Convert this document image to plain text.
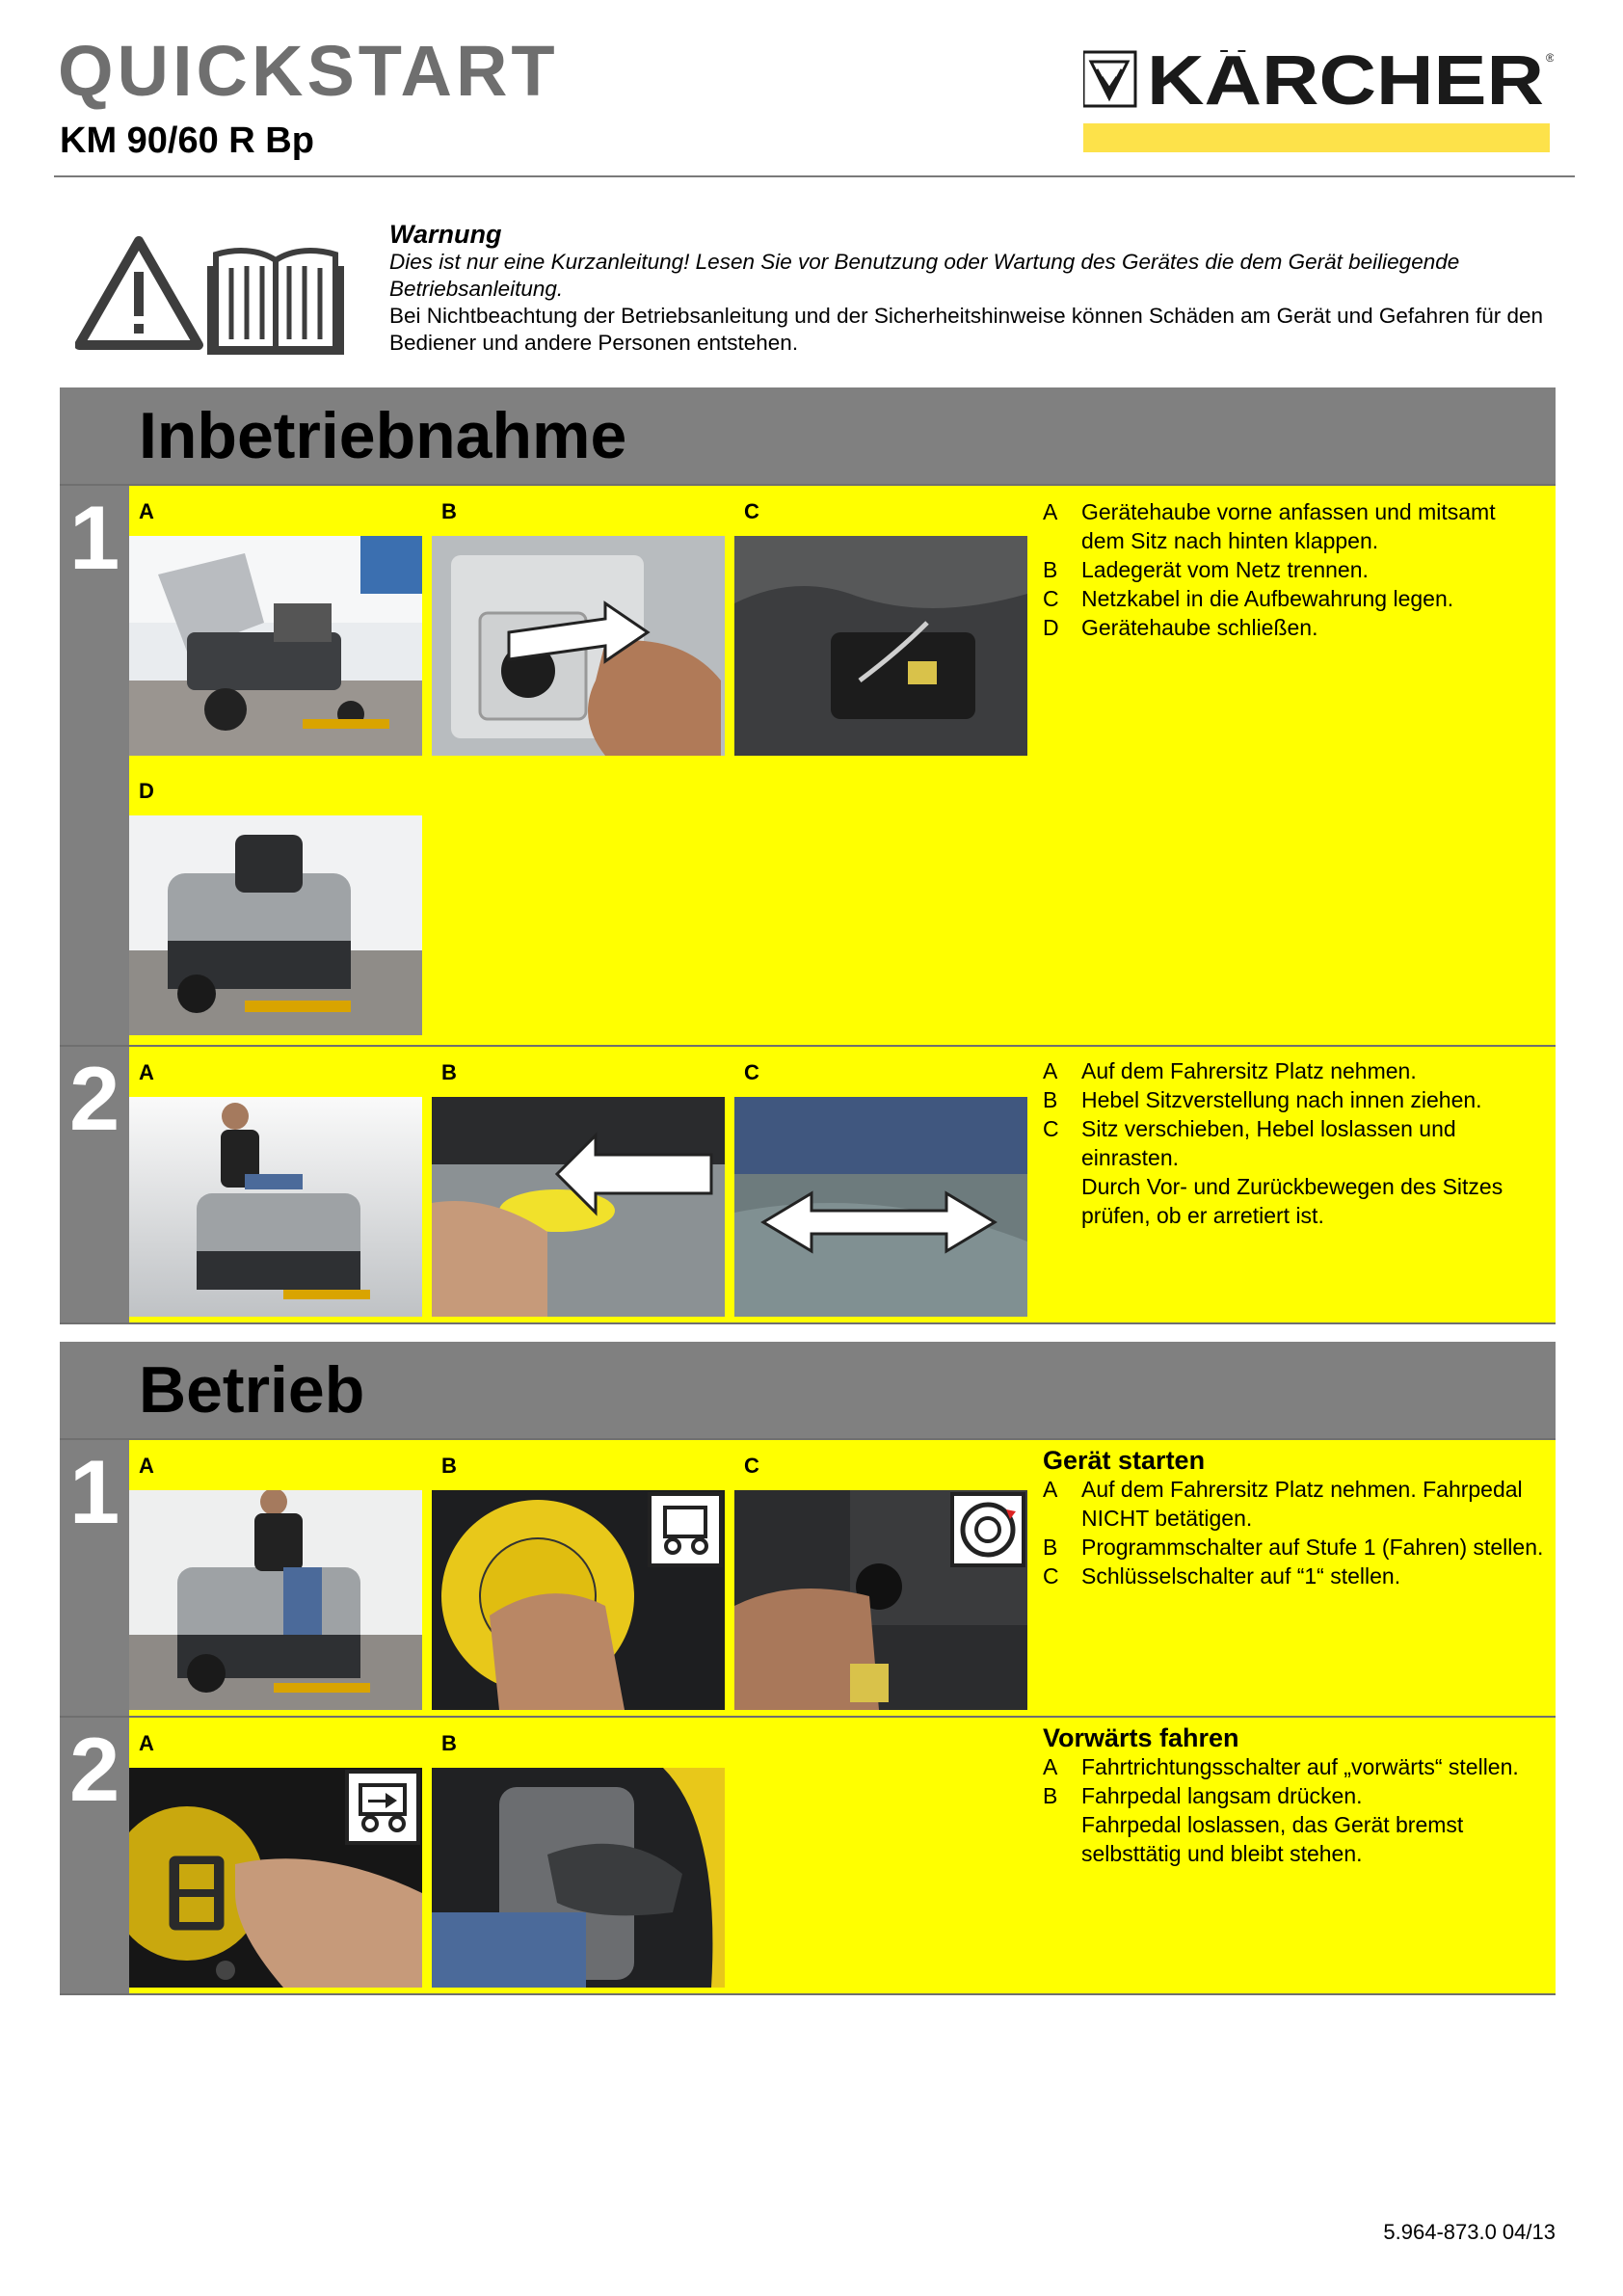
QUICKSTART
KM 90/60 R Bp
KÄRCHER ®
Warnung
Dies ist nur eine Kurzanleitung! Lesen Sie vor Benutzung oder Wartung des Gerätes die dem Gerät beiliegende Betriebsanleitung.
Bei Nichtbeachtung der Betriebsanleitung und der Sicherheitshinweise können Schäden am Gerät und Gefahren für den Bediener und andere Personen entstehen.
Inbetriebnahme
1 A	B	C
D
A	Gerätehaube vorne anfassen und mitsamt dem Sitz nach hinten klappen.
B	Ladegerät vom Netz trennen.
C	Netzkabel in die Aufbewahrung legen.
D	Gerätehaube schließen.
2 A	B	C	A	Auf dem Fahrersitz Platz nehmen.
B	Hebel Sitzverstellung nach innen ziehen.
C	Sitz verschieben, Hebel loslassen und einrasten.
Durch Vor- und Zurückbewegen des Sitzes prüfen, ob er arretiert ist.
Betrieb
1 A	B	C	Gerät starten
A	Auf dem Fahrersitz Platz nehmen. Fahrpedal NICHT betätigen.
B	Programmschalter auf Stufe 1 (Fahren) stellen.
C	Schlüsselschalter auf “1“ stellen.
2 A	B	Vorwärts fahren
A	Fahrtrichtungsschalter auf „vorwärts“ stellen.
B	Fahrpedal langsam drücken.
Fahrpedal loslassen, das Gerät bremst selbsttätig und bleibt stehen.
5.964-873.0 04/13
